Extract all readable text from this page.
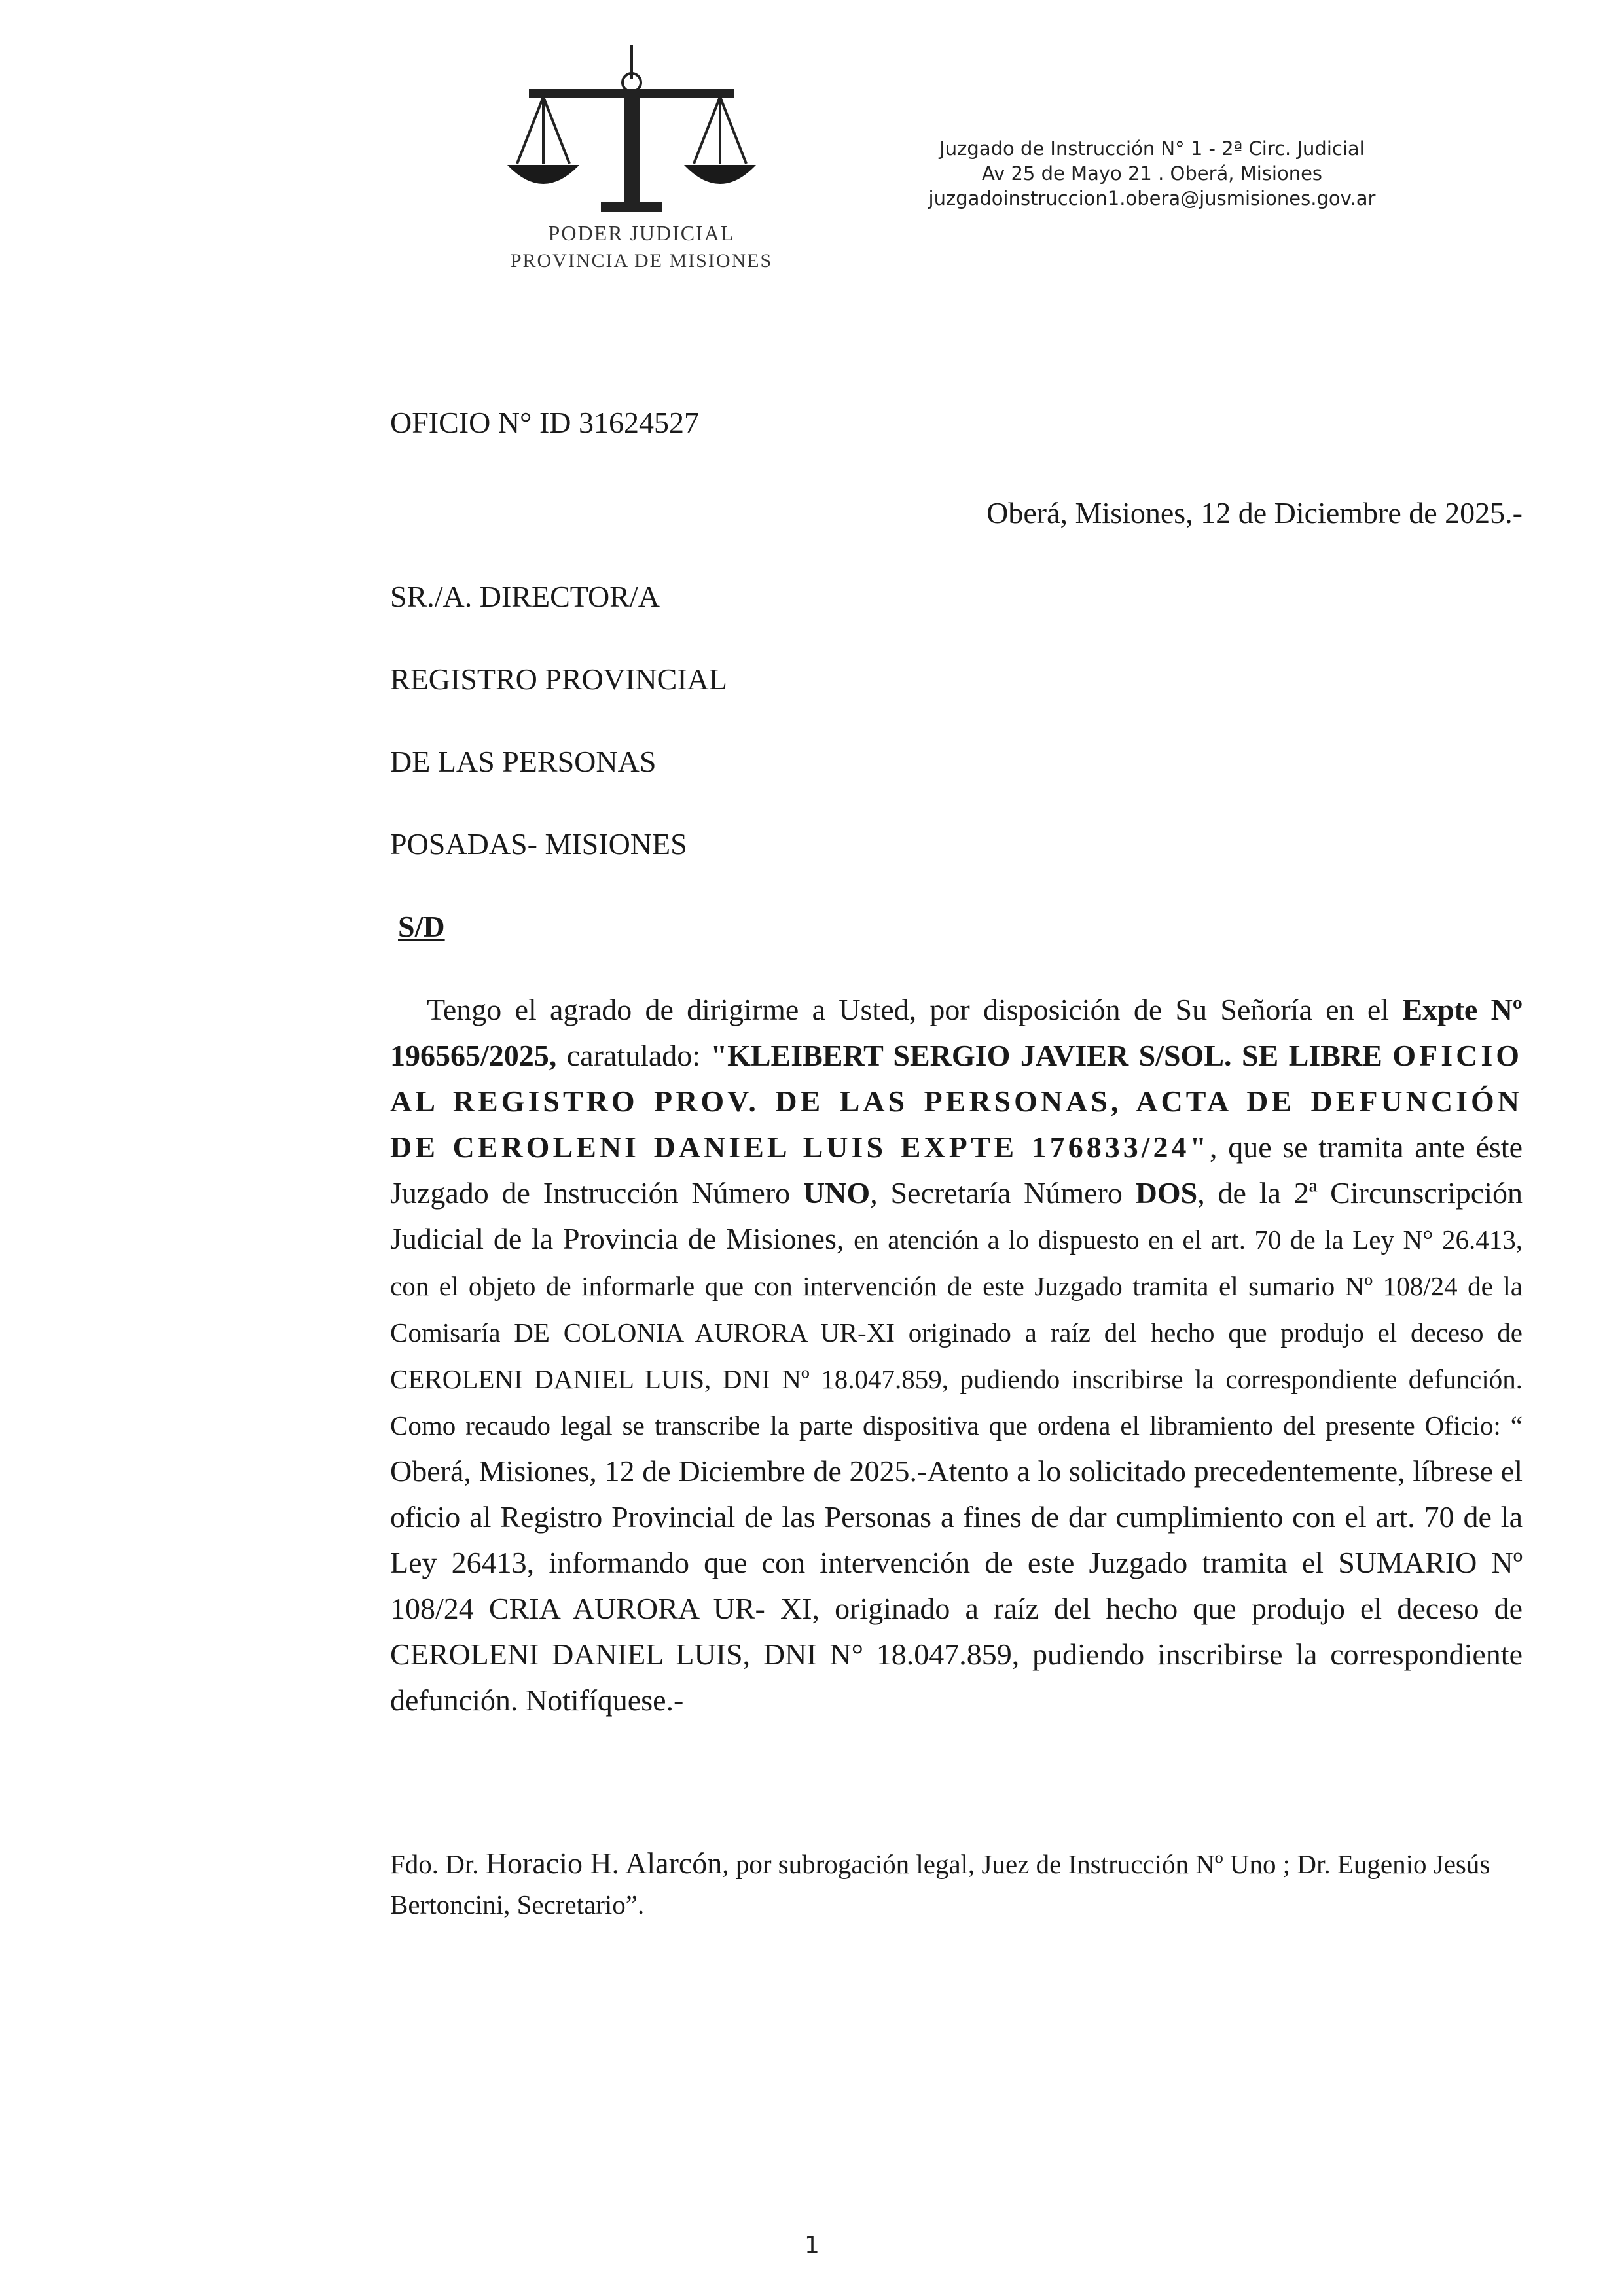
PODER JUDICIAL
PROVINCIA DE MISIONES
Juzgado de Instrucción N° 1 - 2ª Circ. Judicial
Av 25 de Mayo 21 . Oberá, Misiones
juzgadoinstruccion1.obera@jusmisiones.gov.ar
OFICIO N° ID 31624527
Oberá, Misiones, 12 de Diciembre de 2025.-
SR./A. DIRECTOR/A
REGISTRO PROVINCIAL
DE LAS PERSONAS
POSADAS- MISIONES
S/D

Tengo el agrado de dirigirme a Usted, por disposición de Su Señoría en el Expte Nº 196565/2025, caratulado: "KLEIBERT SERGIO JAVIER S/SOL. SE LIBRE OFICIO AL REGISTRO PROV. DE LAS PERSONAS, ACTA DE DEFUNCIÓN DE CEROLENI DANIEL LUIS EXPTE 176833/24", que se tramita ante éste Juzgado de Instrucción Número UNO, Secretaría Número DOS, de la 2ª Circunscripción Judicial de la Provincia de Misiones, en atención a lo dispuesto en el art. 70 de la Ley N° 26.413, con el objeto de informarle que con intervención de este Juzgado tramita el sumario Nº 108/24 de la Comisaría DE COLONIA AURORA UR-XI originado a raíz del hecho que produjo el deceso de CEROLENI DANIEL LUIS, DNI Nº 18.047.859, pudiendo inscribirse la correspondiente defunción. Como recaudo legal se transcribe la parte dispositiva que ordena el libramiento del presente Oficio: “ Oberá, Misiones, 12 de Diciembre de 2025.-Atento a lo solicitado precedentemente, líbrese el oficio al Registro Provincial de las Personas a fines de dar cumplimiento con el art. 70 de la Ley 26413, informando que con intervención de este Juzgado tramita el SUMARIO Nº 108/24 CRIA AURORA UR- XI, originado a raíz del hecho que produjo el deceso de CEROLENI DANIEL LUIS, DNI N° 18.047.859, pudiendo inscribirse la correspondiente defunción. Notifíquese.-

Fdo. Dr. Horacio H. Alarcón, por subrogación legal, Juez de Instrucción Nº Uno ; Dr. Eugenio Jesús Bertoncini, Secretario”.
1
